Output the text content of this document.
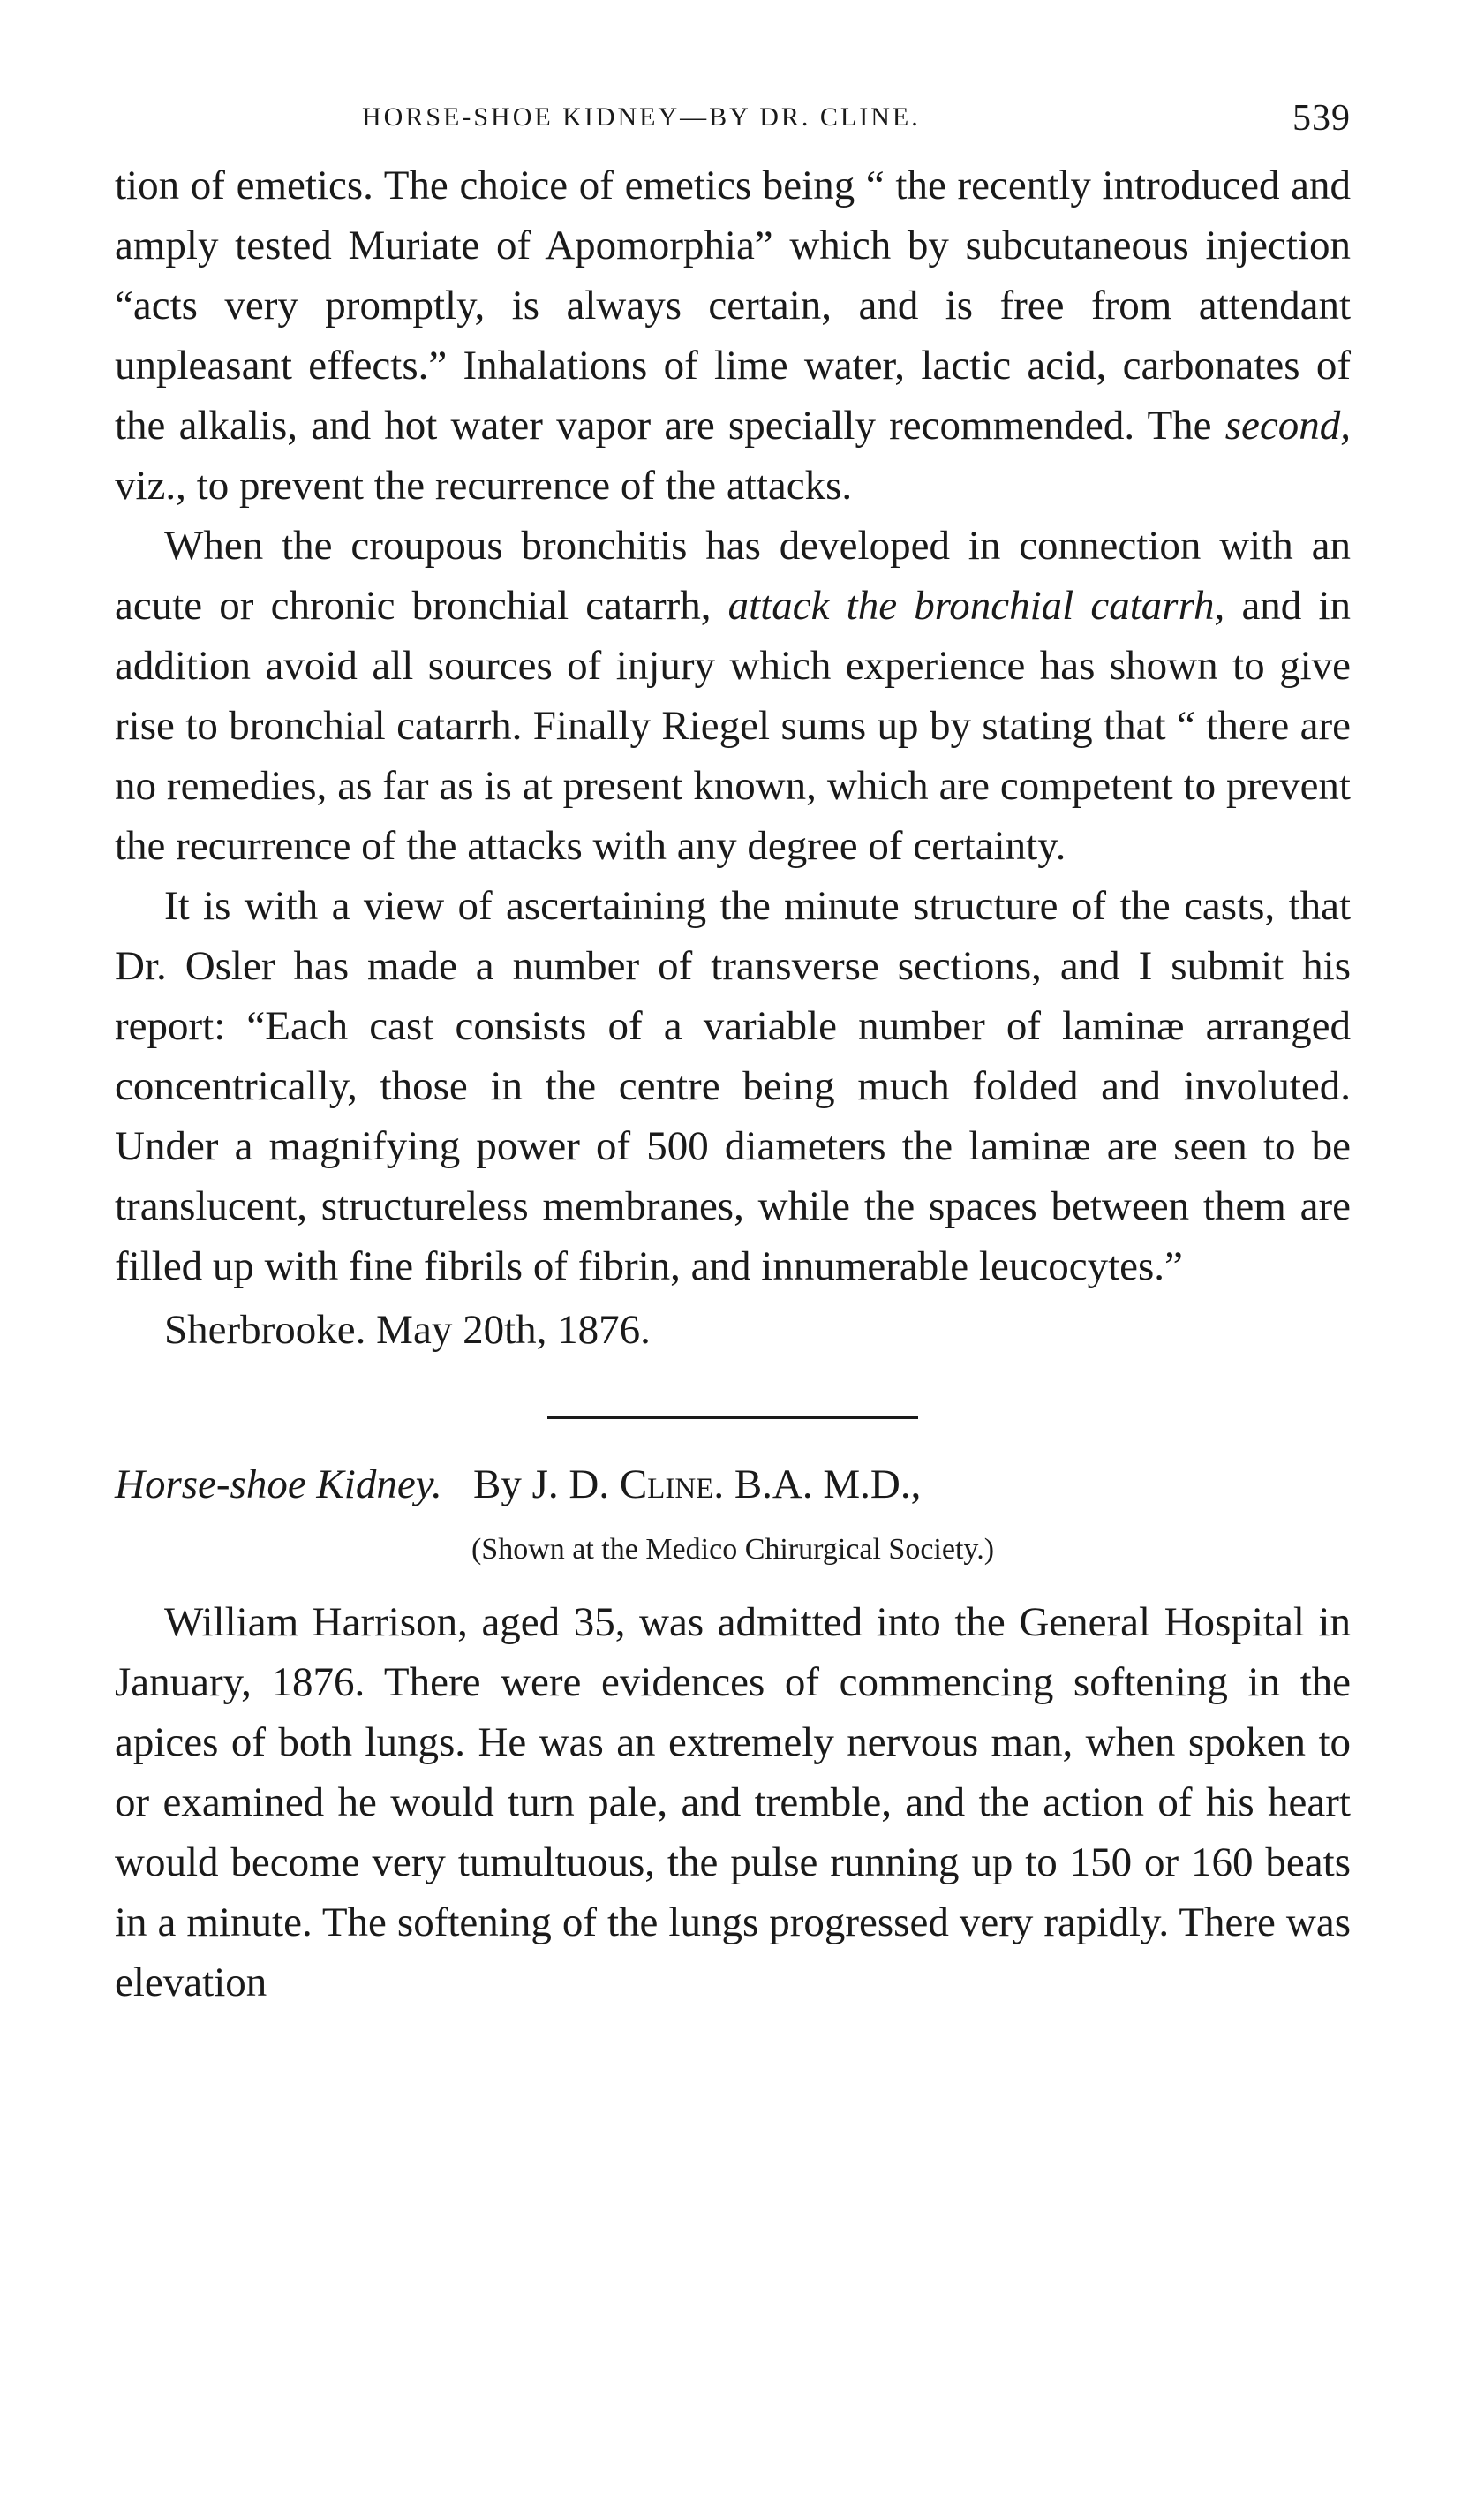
HORSE-SHOE KIDNEY—BY DR. CLINE.	539

tion of emetics. The choice of emetics being “ the recently introduced and amply tested Muriate of Apomorphia” which by subcutaneous injection “acts very promptly, is always certain, and is free from attendant unpleasant effects.” Inhalations of lime water, lactic acid, carbonates of the alkalis, and hot water vapor are specially recommended. The second, viz., to prevent the recurrence of the attacks.

When the croupous bronchitis has developed in connection with an acute or chronic bronchial catarrh, attack the bronchial catarrh, and in addition avoid all sources of injury which experience has shown to give rise to bronchial catarrh. Finally Riegel sums up by stating that “ there are no remedies, as far as is at present known, which are competent to prevent the recurrence of the attacks with any degree of certainty.

It is with a view of ascertaining the minute structure of the casts, that Dr. Osler has made a number of transverse sections, and I submit his report: “Each cast consists of a variable number of laminæ arranged concentrically, those in the centre being much folded and involuted. Under a magnifying power of 500 diameters the laminæ are seen to be translucent, structureless membranes, while the spaces between them are filled up with fine fibrils of fibrin, and innumerable leucocytes.”

Sherbrooke. May 20th, 1876.

Horse-shoe Kidney. By J. D. Cline. B.A. M.D.,
(Shown at the Medico Chirurgical Society.)

William Harrison, aged 35, was admitted into the General Hospital in January, 1876. There were evidences of commencing softening in the apices of both lungs. He was an extremely nervous man, when spoken to or examined he would turn pale, and tremble, and the action of his heart would become very tumultuous, the pulse running up to 150 or 160 beats in a minute. The softening of the lungs progressed very rapidly. There was elevation
